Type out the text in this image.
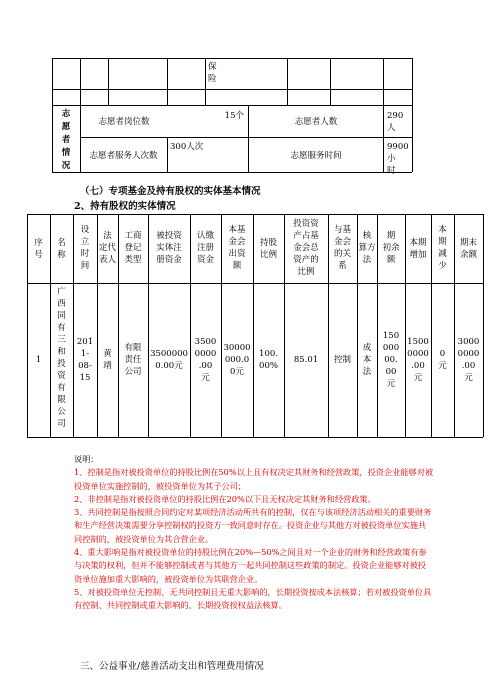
保
险
志
愿
者
情
况
志愿者岗位数
15个
志愿者人数
290 人
志愿者服务人次数
300人次
志愿服务时间
9900小
时
（七）专项基金及持有股权的实体基本情况
2、持有股权的实体情况
序
号
名
称
设
立
时
间
法
定代
表人
工商
登记
类型
被投资
实体注
册资金
认缴
注册
资金
本基
金会
出资
额
持股
比例
投资资
产占基
金会总
资产的
比例
与基
金会
的关
系
核
算方
法
期
初余
额
本期
增加
本
期
减
少
期末
余额
1
广
西
同
有
三
和
投
资
有
限
公
司
201
1-
08-
15
黄
靖
有限
责任
公司
3500000
0.00元
3500
0000
.00
元
30000
000.0
0元
100.
00%
85.01	控制
成
本
法
150
000
00.
00
元
1500
0000
.00
元
0
元
3000
0000
.00
元
说明：
1、控制是指对被投资单位的持股比例在50%以上且有权决定其财务和经营政策，投资企业能够对被投资单位实施控制的，被投资单位为其子公司；
2、非控制是指对被投资单位的持股比例在20%以下且无权决定其财务和经营政策。
3、共同控制是指按照合同约定对某项经济活动所共有的控制，仅在与该项经济活动相关的重要财务和生产经营决策需要分享控制权的投资方一致同意时存在。投资企业与其他方对被投资单位实施共同控制的，被投资单位为其合营企业。
4、重大影响是指对被投资单位的持股比例在20%—50%之间且对一个企业的财务和经营政策有参与决策的权利，但并不能够控制或者与其他方一起共同控制这些政策的制定。投资企业能够对被投资单位施加重大影响的，被投资单位为其联营企业。
5、对被投资单位无控制、无共同控制且无重大影响的，长期投资按成本法核算；若对被投资单位具有控制、共同控制或重大影响的，长期投资按权益法核算。
三、公益事业/慈善活动支出和管理费用情况
